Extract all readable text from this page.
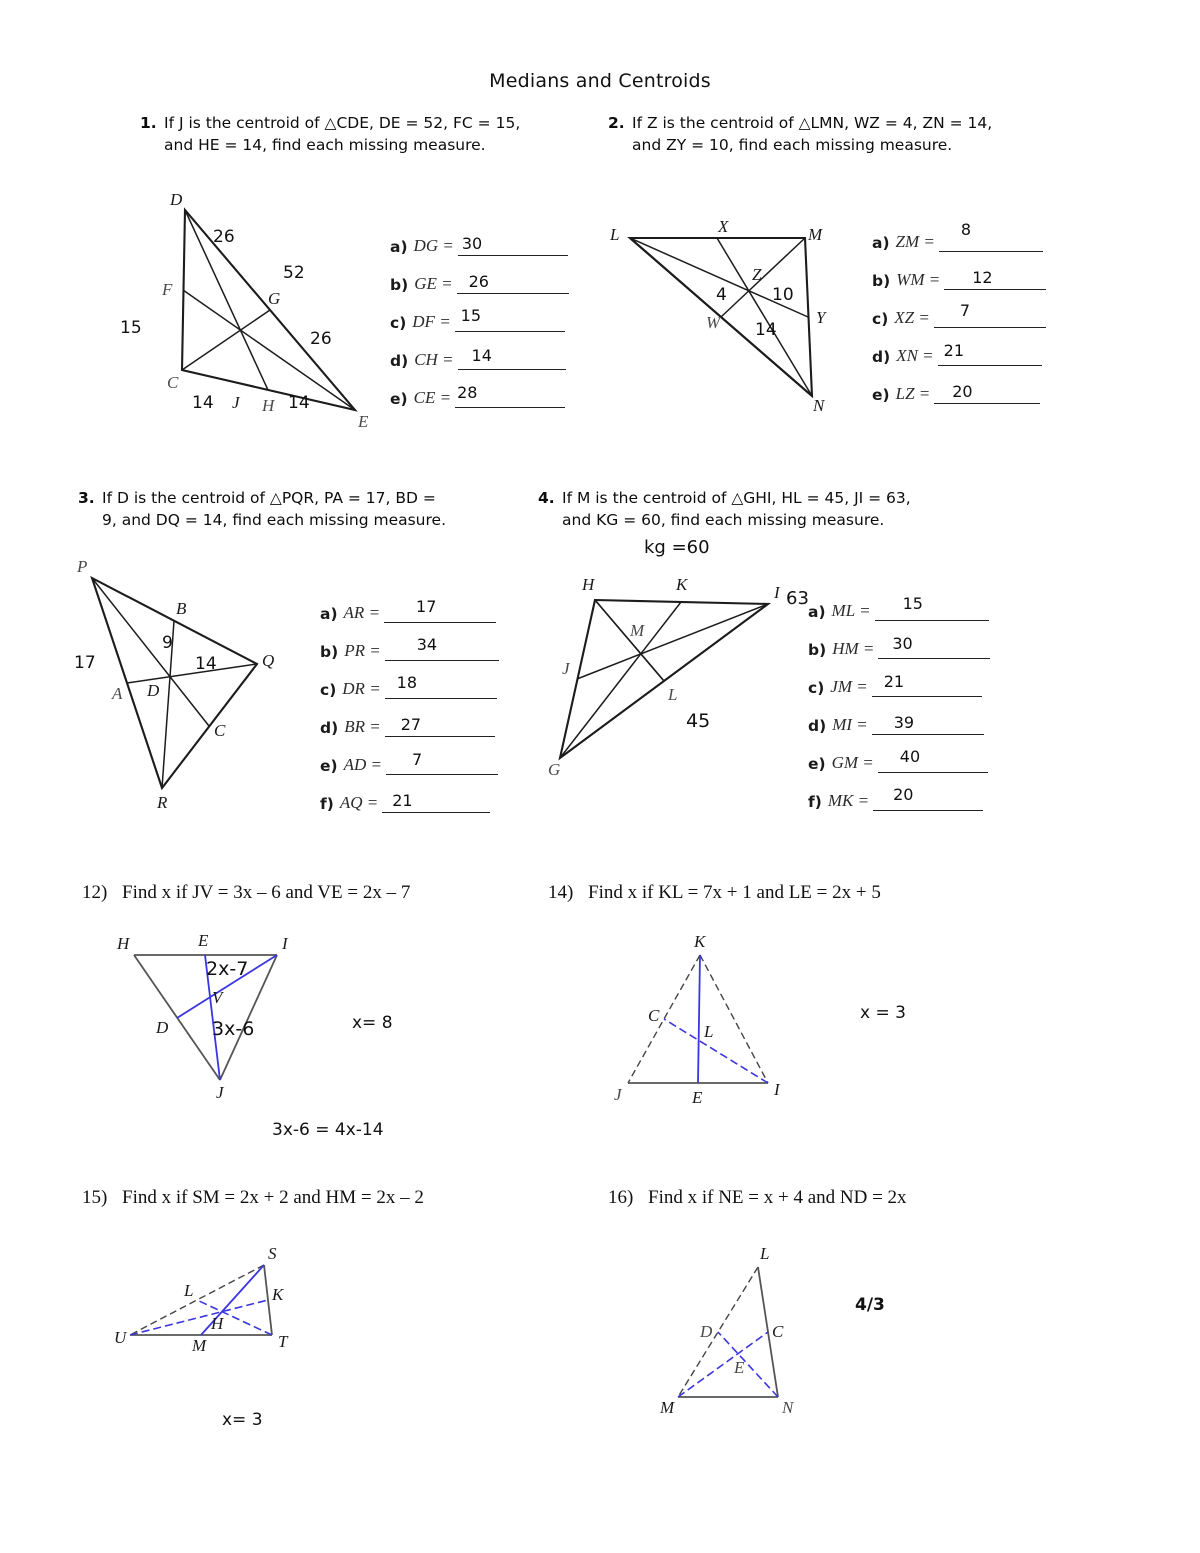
Medians and Centroids
1. If J is the centroid of △CDE, DE = 52, FC = 15,
and HE = 14, find each missing measure.
D
F	G
C
J H
E
26
52
26
15
14	14
a) DG = 30
b) GE = 26
c) DF = 15
d) CH = 14
e) CE = 28
2. If Z is the centroid of △LMN, WZ = 4, ZN = 14,
and ZY = 10, find each missing measure.
L	M
N
X
Y
W
Z
4	10
14
a) ZM =
8
b) WM = 12
c) XZ = 7
d) XN = 21
e) LZ = 20
3. If D is the centroid of △PQR, PA = 17, BD =
9, and DQ = 14, find each missing measure.
P
B
Q
A D
C
R
17
9
14
a) AR = 17
b) PR = 34
c) DR = 18
d) BR = 27
e) AD = 7
f) AQ = 21
4. If M is the centroid of △GHI, HL = 45, JI = 63,
and KG = 60, find each missing measure.
kg =60
H	K	I
M
J
L
G
45
63
a) ML = 15
b) HM = 30
c) JM = 21
d) MI = 39
e) GM = 40
f) MK = 20
12) Find x if JV = 3x – 6 and VE = 2x – 7
H	E	I
V
D
J
2x-7
3x-6	x= 8
3x-6 = 4x-14
14) Find x if KL = 7x + 1 and LE = 2x + 5
K
C
L
J	E	I
x = 3
15) Find x if SM = 2x + 2 and HM = 2x – 2
S
L	K
H
U	M	T
x= 3
16) Find x if NE = x + 4 and ND = 2x
L
D	C
E
M	N
4/3
